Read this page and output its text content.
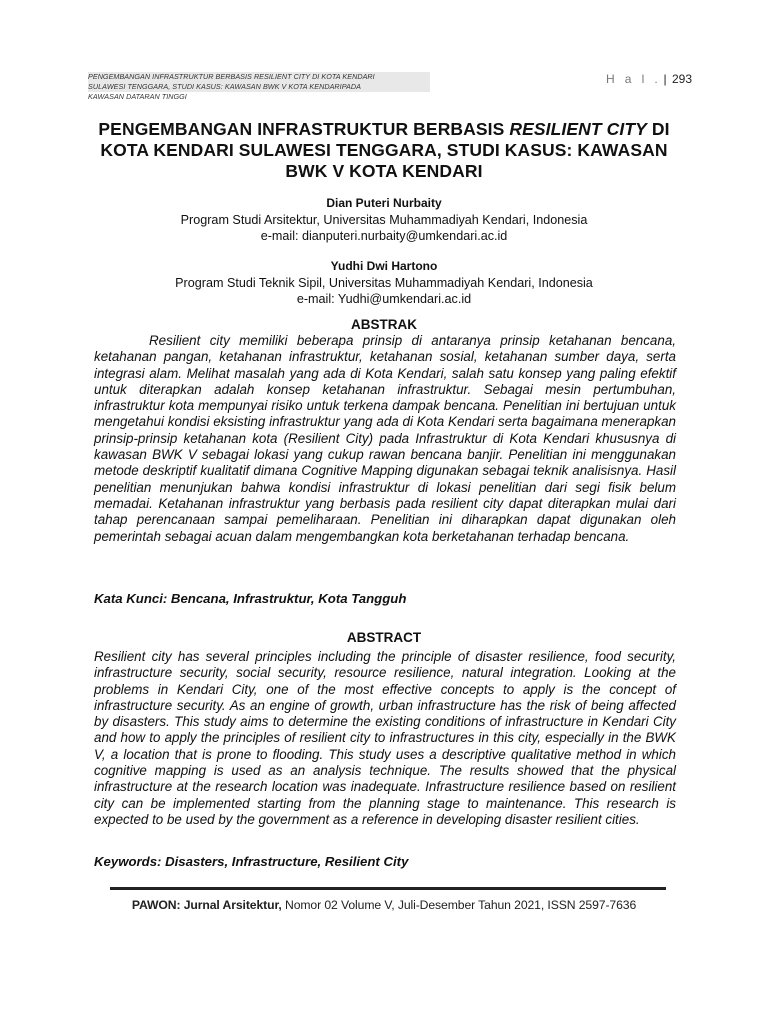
PENGEMBANGAN INFRASTRUKTUR BERBASIS RESILIENT CITY DI KOTA KENDARI
SULAWESI TENGGARA, STUDI KASUS: KAWASAN BWK V KOTA KENDARIPADA
KAWASAN DATARAN TINGGI
H a l . | 293
PENGEMBANGAN INFRASTRUKTUR BERBASIS RESILIENT CITY DI
KOTA KENDARI SULAWESI TENGGARA, STUDI KASUS: KAWASAN
BWK V KOTA KENDARI
Dian Puteri Nurbaity
Program Studi Arsitektur, Universitas Muhammadiyah Kendari, Indonesia
e-mail: dianputeri.nurbaity@umkendari.ac.id
Yudhi Dwi Hartono
Program Studi Teknik Sipil, Universitas Muhammadiyah Kendari, Indonesia
e-mail: Yudhi@umkendari.ac.id
ABSTRAK
Resilient city memiliki beberapa prinsip di antaranya prinsip ketahanan bencana, ketahanan pangan, ketahanan infrastruktur, ketahanan sosial, ketahanan sumber daya, serta integrasi alam. Melihat masalah yang ada di Kota Kendari, salah satu konsep yang paling efektif untuk diterapkan adalah konsep ketahanan infrastruktur. Sebagai mesin pertumbuhan, infrastruktur kota mempunyai risiko untuk terkena dampak bencana. Penelitian ini bertujuan untuk mengetahui kondisi eksisting infrastruktur yang ada di Kota Kendari serta bagaimana menerapkan prinsip-prinsip ketahanan kota (Resilient City) pada Infrastruktur di Kota Kendari khususnya di kawasan BWK V sebagai lokasi yang cukup rawan bencana banjir. Penelitian ini menggunakan metode deskriptif kualitatif dimana Cognitive Mapping digunakan sebagai teknik analisisnya. Hasil penelitian menunjukan bahwa kondisi infrastruktur di lokasi penelitian dari segi fisik belum memadai. Ketahanan infrastruktur yang berbasis pada resilient city dapat diterapkan mulai dari tahap perencanaan sampai pemeliharaan. Penelitian ini diharapkan dapat digunakan oleh pemerintah sebagai acuan dalam mengembangkan kota berketahanan terhadap bencana.
Kata Kunci: Bencana, Infrastruktur, Kota Tangguh
ABSTRACT
Resilient city has several principles including the principle of disaster resilience, food security, infrastructure security, social security, resource resilience, natural integration. Looking at the problems in Kendari City, one of the most effective concepts to apply is the concept of infrastructure security. As an engine of growth, urban infrastructure has the risk of being affected by disasters. This study aims to determine the existing conditions of infrastructure in Kendari City and how to apply the principles of resilient city to infrastructures in this city, especially in the BWK V, a location that is prone to flooding. This study uses a descriptive qualitative method in which cognitive mapping is used as an analysis technique. The results showed that the physical infrastructure at the research location was inadequate. Infrastructure resilience based on resilient city can be implemented starting from the planning stage to maintenance. This research is expected to be used by the government as a reference in developing disaster resilient cities.
Keywords: Disasters, Infrastructure, Resilient City
PAWON: Jurnal Arsitektur, Nomor 02 Volume V, Juli-Desember Tahun 2021, ISSN 2597-7636
